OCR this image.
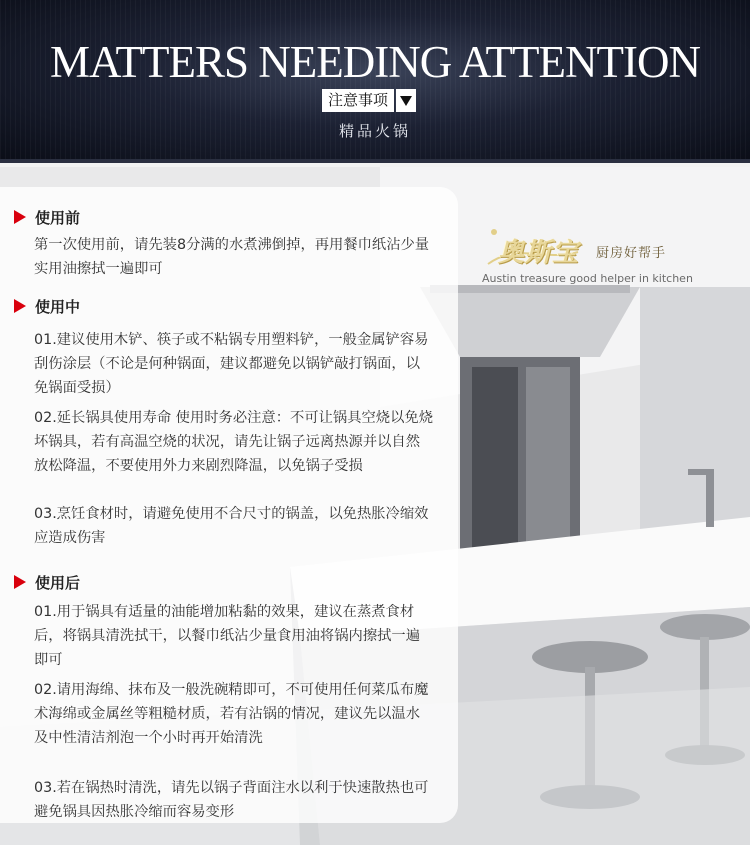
MATTERS NEEDING ATTENTION
注意事项
精品火锅
奥斯宝 厨房好帮手
Austin treasure good helper in kitchen
使用前
第一次使用前，请先装8分满的水煮沸倒掉，再用餐巾纸沾少量实用油擦拭一遍即可
使用中
01.建议使用木铲、筷子或不粘锅专用塑料铲，一般金属铲容易刮伤涂层（不论是何种锅面，建议都避免以锅铲敲打锅面，以免锅面受损）
02.延长锅具使用寿命 使用时务必注意：不可让锅具空烧以免烧坏锅具，若有高温空烧的状况，请先让锅子远离热源并以自然放松降温，不要使用外力来剧烈降温，以免锅子受损
03.烹饪食材时，请避免使用不合尺寸的锅盖，以免热胀冷缩效应造成伤害
使用后
01.用于锅具有适量的油能增加粘黏的效果，建议在蒸煮食材后，将锅具清洗拭干，以餐巾纸沾少量食用油将锅内擦拭一遍即可
02.请用海绵、抹布及一般洗碗精即可，不可使用任何菜瓜布魔术海绵或金属丝等粗糙材质，若有沾锅的情况，建议先以温水及中性清洁剂泡一个小时再开始清洗
03.若在锅热时清洗，请先以锅子背面注水以利于快速散热也可避免锅具因热胀冷缩而容易变形
